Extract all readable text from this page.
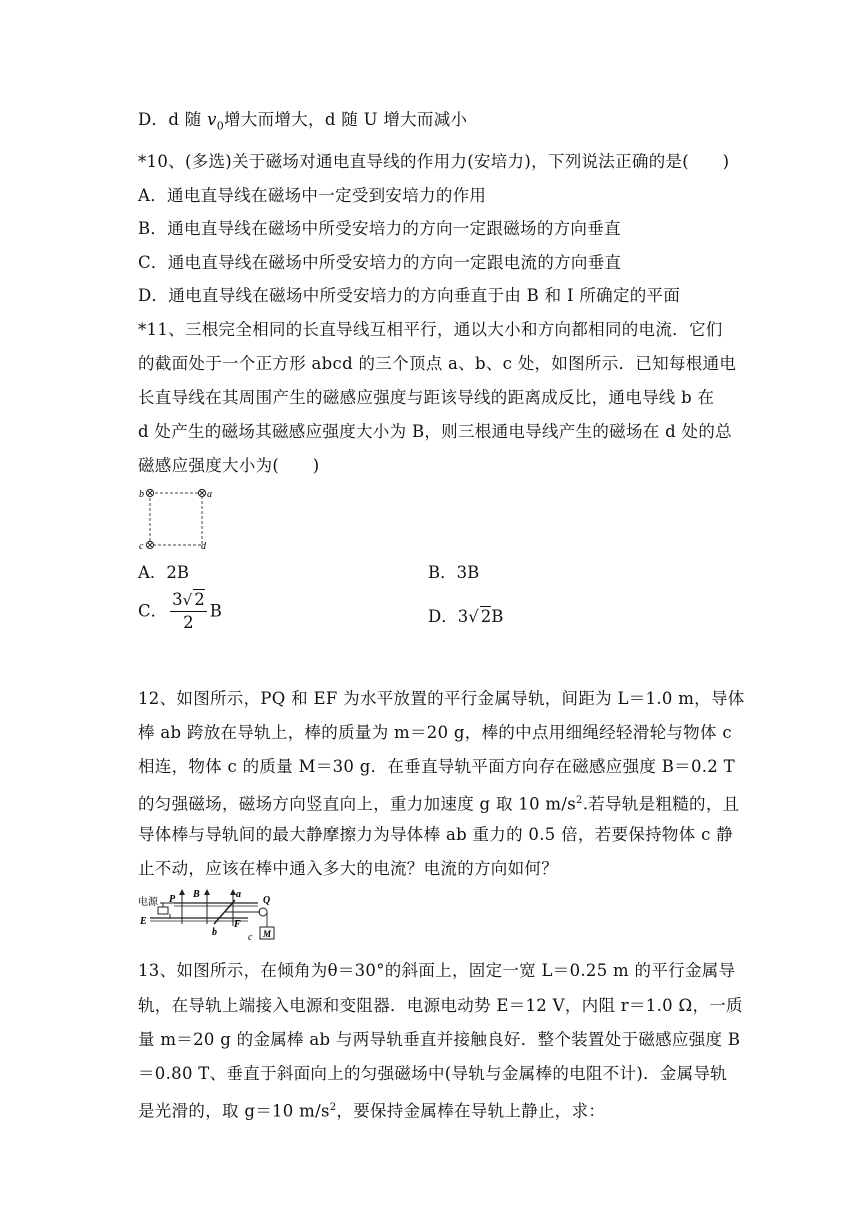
D．d 随 $v_0$增大而增大，d 随 U 增大而减小
*10、(多选)关于磁场对通电直导线的作用力(安培力)，下列说法正确的是(　　)
A．通电直导线在磁场中一定受到安培力的作用
B．通电直导线在磁场中所受安培力的方向一定跟磁场的方向垂直
C．通电直导线在磁场中所受安培力的方向一定跟电流的方向垂直
D．通电直导线在磁场中所受安培力的方向垂直于由 B 和 I 所确定的平面
*11、三根完全相同的长直导线互相平行，通以大小和方向都相同的电流．它们
的截面处于一个正方形 abcd 的三个顶点 a、b、c 处，如图所示．已知每根通电
长直导线在其周围产生的磁感应强度与距该导线的距离成反比，通电导线 b 在
d 处产生的磁场其磁感应强度大小为 B，则三根通电导线产生的磁场在 d 处的总
磁感应强度大小为(　　)
a
b
c	d
A．2B	B．3B
C． $\frac{3√ 2}{2}$ B	D．3√ 2B
12、如图所示，PQ 和 EF 为水平放置的平行金属导轨，间距为 L＝1.0 m，导体
棒 ab 跨放在导轨上，棒的质量为 m＝20 g，棒的中点用细绳经轻滑轮与物体 c
相连，物体 c 的质量 M＝30 g．在垂直导轨平面方向存在磁感应强度 B＝0.2 T
的匀强磁场，磁场方向竖直向上，重力加速度 g 取 10 $m/s^2$.若导轨是粗糙的，且
导体棒与导轨间的最大静摩擦力为导体棒 ab 重力的 0.5 倍，若要保持物体 c 静
止不动，应该在棒中通入多大的电流？电流的方向如何？
电源 P
E
B	a
b
F
Q
M
c
13、如图所示，在倾角为θ＝30°的斜面上，固定一宽 L＝0.25 m 的平行金属导
轨，在导轨上端接入电源和变阻器．电源电动势 E＝12 V，内阻 r＝1.0 Ω，一质
量 m＝20 g 的金属棒 ab 与两导轨垂直并接触良好．整个装置处于磁感应强度 B
＝0.80 T、垂直于斜面向上的匀强磁场中(导轨与金属棒的电阻不计)．金属导轨
是光滑的，取 g＝10 $m/s^2$，要保持金属棒在导轨上静止，求：
